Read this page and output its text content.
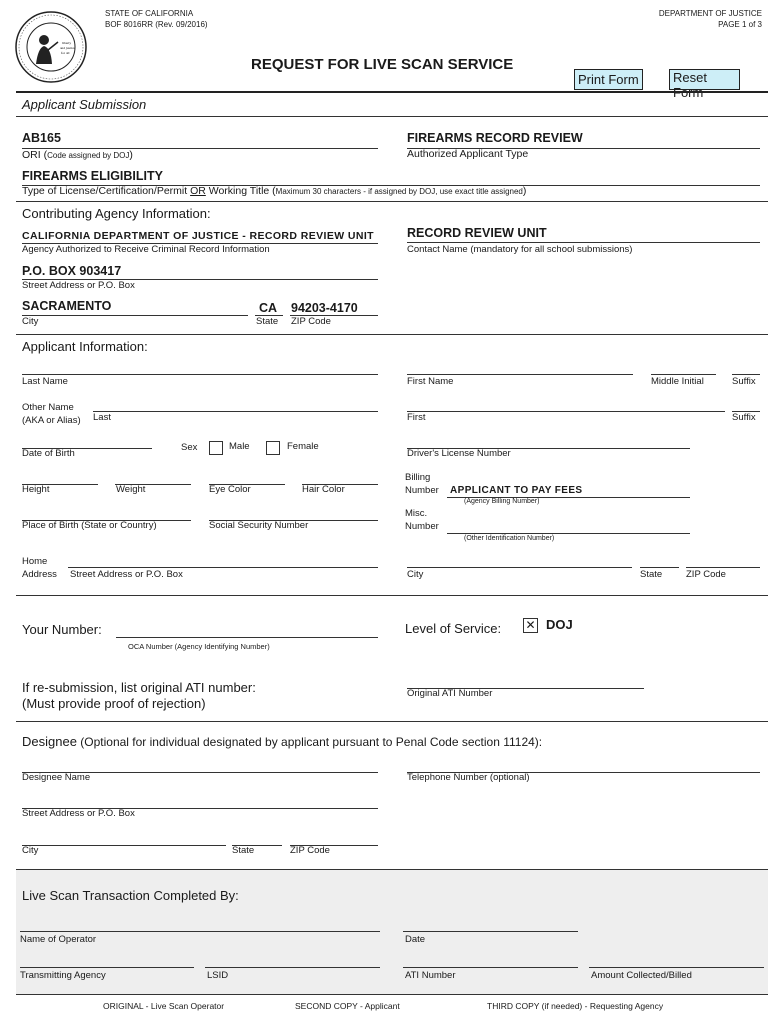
liberty
and justice
for all
STATE OF CALIFORNIA
BOF 8016RR (Rev. 09/2016)
DEPARTMENT OF JUSTICE
PAGE 1 of 3
REQUEST FOR LIVE SCAN SERVICE
Print Form	Reset Form
Applicant Submission
AB165
ORI (Code assigned by DOJ)
FIREARMS RECORD REVIEW
Authorized Applicant Type
FIREARMS ELIGIBILITY
Type of License/Certification/Permit OR Working Title (Maximum 30 characters - if assigned by DOJ, use exact title assigned)
Contributing Agency Information:
CALIFORNIA DEPARTMENT OF JUSTICE - RECORD REVIEW UNIT
Agency Authorized to Receive Criminal Record Information
RECORD REVIEW UNIT
Contact Name (mandatory for all school submissions)
P.O. BOX 903417
Street Address or P.O. Box
SACRAMENTO
City
CA
State
94203-4170
ZIP Code
Applicant Information:
Last Name	First Name	Middle Initial	Suffix
Other Name
(AKA or Alias) Last	First	Suffix
Date of Birth
Sex	Male	Female
Driver's License Number
Height	Weight	Eye Color	Hair Color
Billing
Number APPLICANT TO PAY FEES
(Agency Billing Number)
Place of Birth (State or Country)	Social Security Number
Misc.
Number
(Other Identification Number)
Home
Address Street Address or P.O. Box	City	State	ZIP Code
Your Number:
OCA Number (Agency Identifying Number)
Level of Service: ✕ DOJ
If re-submission, list original ATI number:
(Must provide proof of rejection)
Original ATI Number
Designee (Optional for individual designated by applicant pursuant to Penal Code section 11124):
Designee Name	Telephone Number (optional)
Street Address or P.O. Box
City	State	ZIP Code
Live Scan Transaction Completed By:
Name of Operator	Date
Transmitting Agency	LSID	ATI Number	Amount Collected/Billed
ORIGINAL - Live Scan Operator	SECOND COPY - Applicant	THIRD COPY (if needed) - Requesting Agency
